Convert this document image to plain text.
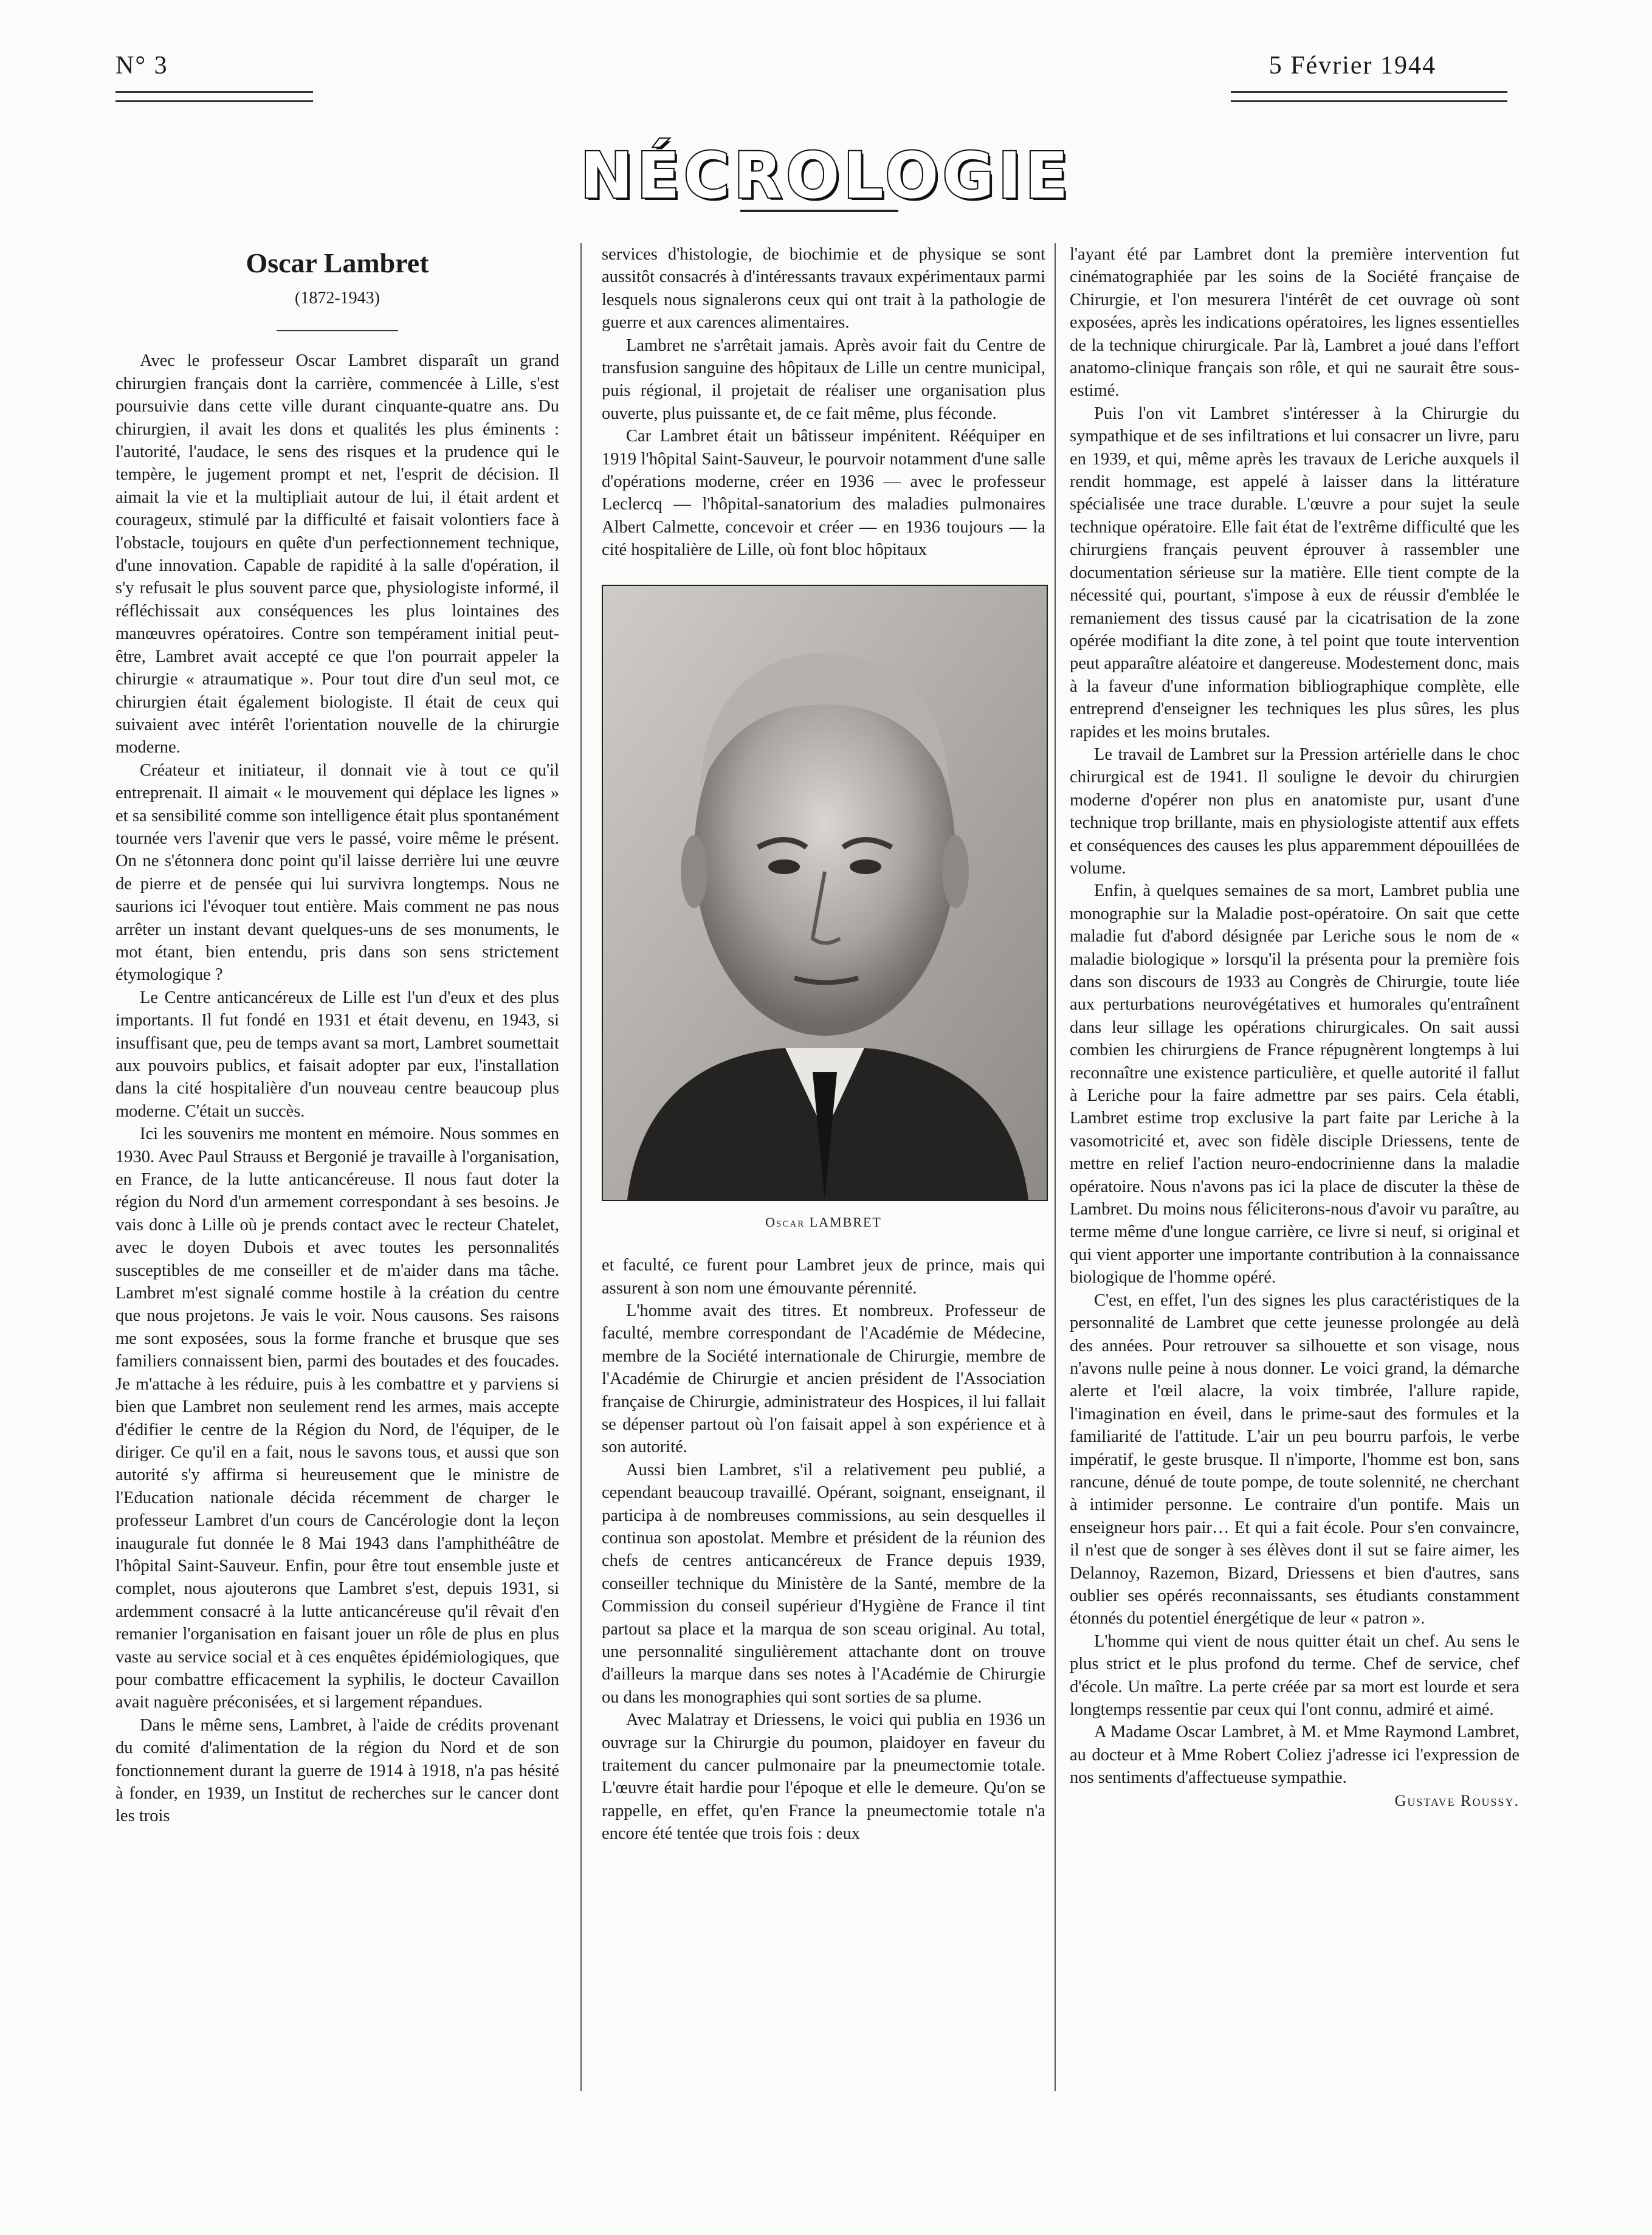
N° 3	5 Février 1944
NÉCROLOGIE
Oscar Lambret
(1872-1943)

Avec le professeur Oscar Lambret disparaît un grand chirurgien français dont la carrière, commencée à Lille, s'est poursuivie dans cette ville durant cinquante-quatre ans. Du chirurgien, il avait les dons et qualités les plus éminents : l'autorité, l'audace, le sens des risques et la prudence qui le tempère, le jugement prompt et net, l'esprit de décision. Il aimait la vie et la multipliait autour de lui, il était ardent et courageux, stimulé par la difficulté et faisait volontiers face à l'obstacle, toujours en quête d'un perfectionnement technique, d'une innovation. Capable de rapidité à la salle d'opération, il s'y refusait le plus souvent parce que, physiologiste informé, il réfléchissait aux conséquences les plus lointaines des manœuvres opératoires. Contre son tempérament initial peut-être, Lambret avait accepté ce que l'on pourrait appeler la chirurgie « atraumatique ». Pour tout dire d'un seul mot, ce chirurgien était également biologiste. Il était de ceux qui suivaient avec intérêt l'orientation nouvelle de la chirurgie moderne.

Créateur et initiateur, il donnait vie à tout ce qu'il entreprenait. Il aimait « le mouvement qui déplace les lignes » et sa sensibilité comme son intelligence était plus spontanément tournée vers l'avenir que vers le passé, voire même le présent. On ne s'étonnera donc point qu'il laisse derrière lui une œuvre de pierre et de pensée qui lui survivra longtemps. Nous ne saurions ici l'évoquer tout entière. Mais comment ne pas nous arrêter un instant devant quelques-uns de ses monuments, le mot étant, bien entendu, pris dans son sens strictement étymologique ?

Le Centre anticancéreux de Lille est l'un d'eux et des plus importants. Il fut fondé en 1931 et était devenu, en 1943, si insuffisant que, peu de temps avant sa mort, Lambret soumettait aux pouvoirs publics, et faisait adopter par eux, l'installation dans la cité hospitalière d'un nouveau centre beaucoup plus moderne. C'était un succès.

Ici les souvenirs me montent en mémoire. Nous sommes en 1930. Avec Paul Strauss et Bergonié je travaille à l'organisation, en France, de la lutte anticancéreuse. Il nous faut doter la région du Nord d'un armement correspondant à ses besoins. Je vais donc à Lille où je prends contact avec le recteur Chatelet, avec le doyen Dubois et avec toutes les personnalités susceptibles de me conseiller et de m'aider dans ma tâche. Lambret m'est signalé comme hostile à la création du centre que nous projetons. Je vais le voir. Nous causons. Ses raisons me sont exposées, sous la forme franche et brusque que ses familiers connaissent bien, parmi des boutades et des foucades. Je m'attache à les réduire, puis à les combattre et y parviens si bien que Lambret non seulement rend les armes, mais accepte d'édifier le centre de la Région du Nord, de l'équiper, de le diriger. Ce qu'il en a fait, nous le savons tous, et aussi que son autorité s'y affirma si heureusement que le ministre de l'Education nationale décida récemment de charger le professeur Lambret d'un cours de Cancérologie dont la leçon inaugurale fut donnée le 8 Mai 1943 dans l'amphithéâtre de l'hôpital Saint-Sauveur. Enfin, pour être tout ensemble juste et complet, nous ajouterons que Lambret s'est, depuis 1931, si ardemment consacré à la lutte anticancéreuse qu'il rêvait d'en remanier l'organisation en faisant jouer un rôle de plus en plus vaste au service social et à ces enquêtes épidémiologiques, que pour combattre efficacement la syphilis, le docteur Cavaillon avait naguère préconisées, et si largement répandues.

Dans le même sens, Lambret, à l'aide de crédits provenant du comité d'alimentation de la région du Nord et de son fonctionnement durant la guerre de 1914 à 1918, n'a pas hésité à fonder, en 1939, un Institut de recherches sur le cancer dont les trois

services d'histologie, de biochimie et de physique se sont aussitôt consacrés à d'intéressants travaux expérimentaux parmi lesquels nous signalerons ceux qui ont trait à la pathologie de guerre et aux carences alimentaires.

Lambret ne s'arrêtait jamais. Après avoir fait du Centre de transfusion sanguine des hôpitaux de Lille un centre municipal, puis régional, il projetait de réaliser une organisation plus ouverte, plus puissante et, de ce fait même, plus féconde.

Car Lambret était un bâtisseur impénitent. Rééquiper en 1919 l'hôpital Saint-Sauveur, le pourvoir notamment d'une salle d'opérations moderne, créer en 1936 — avec le professeur Leclercq — l'hôpital-sanatorium des maladies pulmonaires Albert Calmette, concevoir et créer — en 1936 toujours — la cité hospitalière de Lille, où font bloc hôpitaux

Oscar LAMBRET

et faculté, ce furent pour Lambret jeux de prince, mais qui assurent à son nom une émouvante pérennité.

L'homme avait des titres. Et nombreux. Professeur de faculté, membre correspondant de l'Académie de Médecine, membre de la Société internationale de Chirurgie, membre de l'Académie de Chirurgie et ancien président de l'Association française de Chirurgie, administrateur des Hospices, il lui fallait se dépenser partout où l'on faisait appel à son expérience et à son autorité.

Aussi bien Lambret, s'il a relativement peu publié, a cependant beaucoup travaillé. Opérant, soignant, enseignant, il participa à de nombreuses commissions, au sein desquelles il continua son apostolat. Membre et président de la réunion des chefs de centres anticancéreux de France depuis 1939, conseiller technique du Ministère de la Santé, membre de la Commission du conseil supérieur d'Hygiène de France il tint partout sa place et la marqua de son sceau original. Au total, une personnalité singulièrement attachante dont on trouve d'ailleurs la marque dans ses notes à l'Académie de Chirurgie ou dans les monographies qui sont sorties de sa plume.

Avec Malatray et Driessens, le voici qui publia en 1936 un ouvrage sur la Chirurgie du poumon, plaidoyer en faveur du traitement du cancer pulmonaire par la pneumectomie totale. L'œuvre était hardie pour l'époque et elle le demeure. Qu'on se rappelle, en effet, qu'en France la pneumectomie totale n'a encore été tentée que trois fois : deux

l'ayant été par Lambret dont la première intervention fut cinématographiée par les soins de la Société française de Chirurgie, et l'on mesurera l'intérêt de cet ouvrage où sont exposées, après les indications opératoires, les lignes essentielles de la technique chirurgicale. Par là, Lambret a joué dans l'effort anatomo-clinique français son rôle, et qui ne saurait être sous-estimé.

Puis l'on vit Lambret s'intéresser à la Chirurgie du sympathique et de ses infiltrations et lui consacrer un livre, paru en 1939, et qui, même après les travaux de Leriche auxquels il rendit hommage, est appelé à laisser dans la littérature spécialisée une trace durable. L'œuvre a pour sujet la seule technique opératoire. Elle fait état de l'extrême difficulté que les chirurgiens français peuvent éprouver à rassembler une documentation sérieuse sur la matière. Elle tient compte de la nécessité qui, pourtant, s'impose à eux de réussir d'emblée le remaniement des tissus causé par la cicatrisation de la zone opérée modifiant la dite zone, à tel point que toute intervention peut apparaître aléatoire et dangereuse. Modestement donc, mais à la faveur d'une information bibliographique complète, elle entreprend d'enseigner les techniques les plus sûres, les plus rapides et les moins brutales.

Le travail de Lambret sur la Pression artérielle dans le choc chirurgical est de 1941. Il souligne le devoir du chirurgien moderne d'opérer non plus en anatomiste pur, usant d'une technique trop brillante, mais en physiologiste attentif aux effets et conséquences des causes les plus apparemment dépouillées de volume.

Enfin, à quelques semaines de sa mort, Lambret publia une monographie sur la Maladie post-opératoire. On sait que cette maladie fut d'abord désignée par Leriche sous le nom de « maladie biologique » lorsqu'il la présenta pour la première fois dans son discours de 1933 au Congrès de Chirurgie, toute liée aux perturbations neurovégétatives et humorales qu'entraînent dans leur sillage les opérations chirurgicales. On sait aussi combien les chirurgiens de France répugnèrent longtemps à lui reconnaître une existence particulière, et quelle autorité il fallut à Leriche pour la faire admettre par ses pairs. Cela établi, Lambret estime trop exclusive la part faite par Leriche à la vasomotricité et, avec son fidèle disciple Driessens, tente de mettre en relief l'action neuro-endocrinienne dans la maladie opératoire. Nous n'avons pas ici la place de discuter la thèse de Lambret. Du moins nous féliciterons-nous d'avoir vu paraître, au terme même d'une longue carrière, ce livre si neuf, si original et qui vient apporter une importante contribution à la connaissance biologique de l'homme opéré.

C'est, en effet, l'un des signes les plus caractéristiques de la personnalité de Lambret que cette jeunesse prolongée au delà des années. Pour retrouver sa silhouette et son visage, nous n'avons nulle peine à nous donner. Le voici grand, la démarche alerte et l'œil alacre, la voix timbrée, l'allure rapide, l'imagination en éveil, dans le prime-saut des formules et la familiarité de l'attitude. L'air un peu bourru parfois, le verbe impératif, le geste brusque. Il n'importe, l'homme est bon, sans rancune, dénué de toute pompe, de toute solennité, ne cherchant à intimider personne. Le contraire d'un pontife. Mais un enseigneur hors pair… Et qui a fait école. Pour s'en convaincre, il n'est que de songer à ses élèves dont il sut se faire aimer, les Delannoy, Razemon, Bizard, Driessens et bien d'autres, sans oublier ses opérés reconnaissants, ses étudiants constamment étonnés du potentiel énergétique de leur « patron ».

L'homme qui vient de nous quitter était un chef. Au sens le plus strict et le plus profond du terme. Chef de service, chef d'école. Un maître. La perte créée par sa mort est lourde et sera longtemps ressentie par ceux qui l'ont connu, admiré et aimé.

A Madame Oscar Lambret, à M. et Mme Raymond Lambret, au docteur et à Mme Robert Coliez j'adresse ici l'expression de nos sentiments d'affectueuse sympathie.

Gustave Roussy.
